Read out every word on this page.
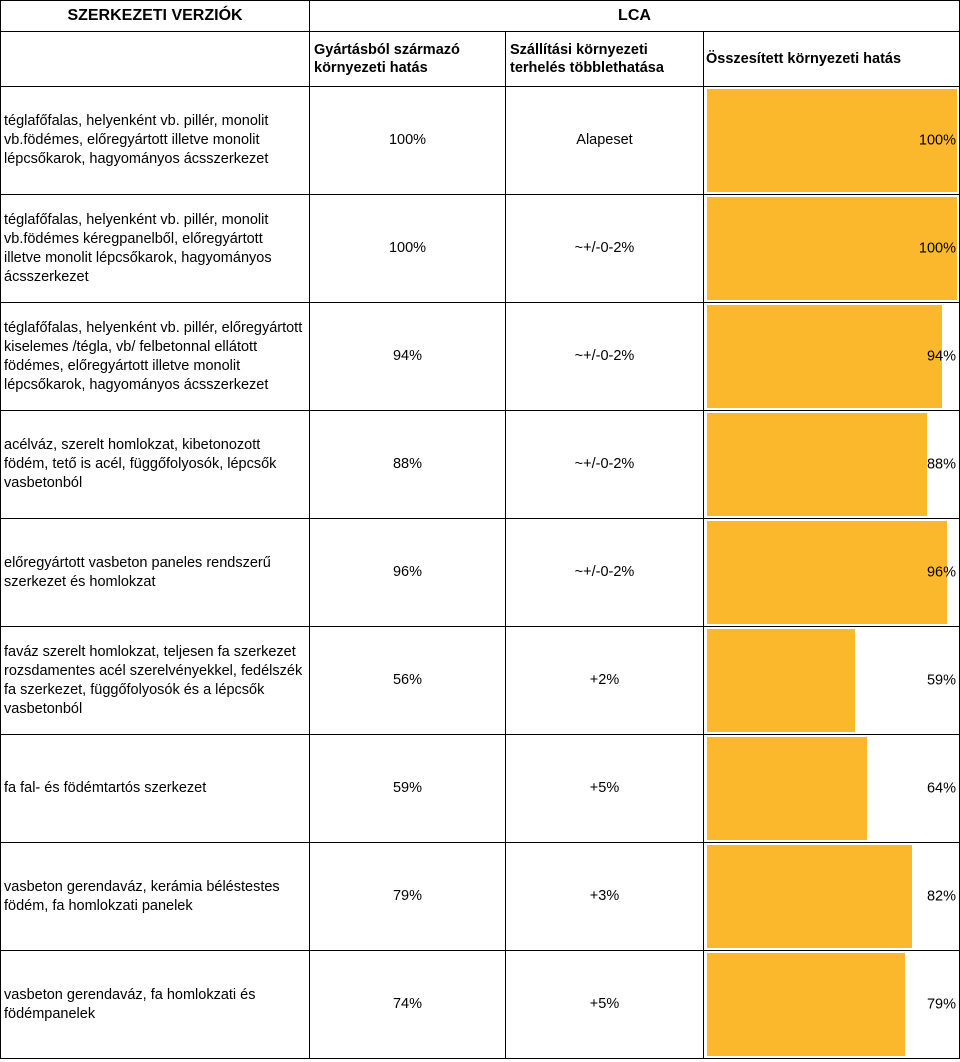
SZERKEZETI VERZIÓK	LCA		
	Gyártásból származó környezeti hatás	Szállítási környezeti terhelés többlethatása	Összesített környezeti hatás
téglafőfalas, helyenként vb. pillér, monolit vb.födémes, előregyártott illetve monolit lépcsőkarok, hagyományos ácsszerkezet	100%	Alapeset	100%

téglafőfalas, helyenként vb. pillér, monolit vb.födémes kéregpanelből, előregyártott illetve monolit lépcsőkarok, hagyományos ácsszerkezet	100%	~+/-0-2%	100%

téglafőfalas, helyenként vb. pillér, előregyártott kiselemes /tégla, vb/ felbetonnal ellátott födémes, előregyártott illetve monolit lépcsőkarok, hagyományos ácsszerkezet	94%	~+/-0-2%	94%

acélváz, szerelt homlokzat, kibetonozott födém, tető is acél, függőfolyosók, lépcsők vasbetonból	88%	~+/-0-2%	88%

előregyártott vasbeton paneles rendszerű szerkezet és homlokzat	96%	~+/-0-2%	96%

faváz szerelt homlokzat, teljesen fa szerkezet rozsdamentes acél szerelvényekkel, fedélszék fa szerkezet, függőfolyosók és a lépcsők vasbetonból	56%	+2%	59%

fa fal- és födémtartós szerkezet	59%	+5%	64%

vasbeton gerendaváz, kerámia béléstestes födém, fa homlokzati panelek	79%	+3%	82%

vasbeton gerendaváz, fa homlokzati és födémpanelek	74%	+5%	79%
